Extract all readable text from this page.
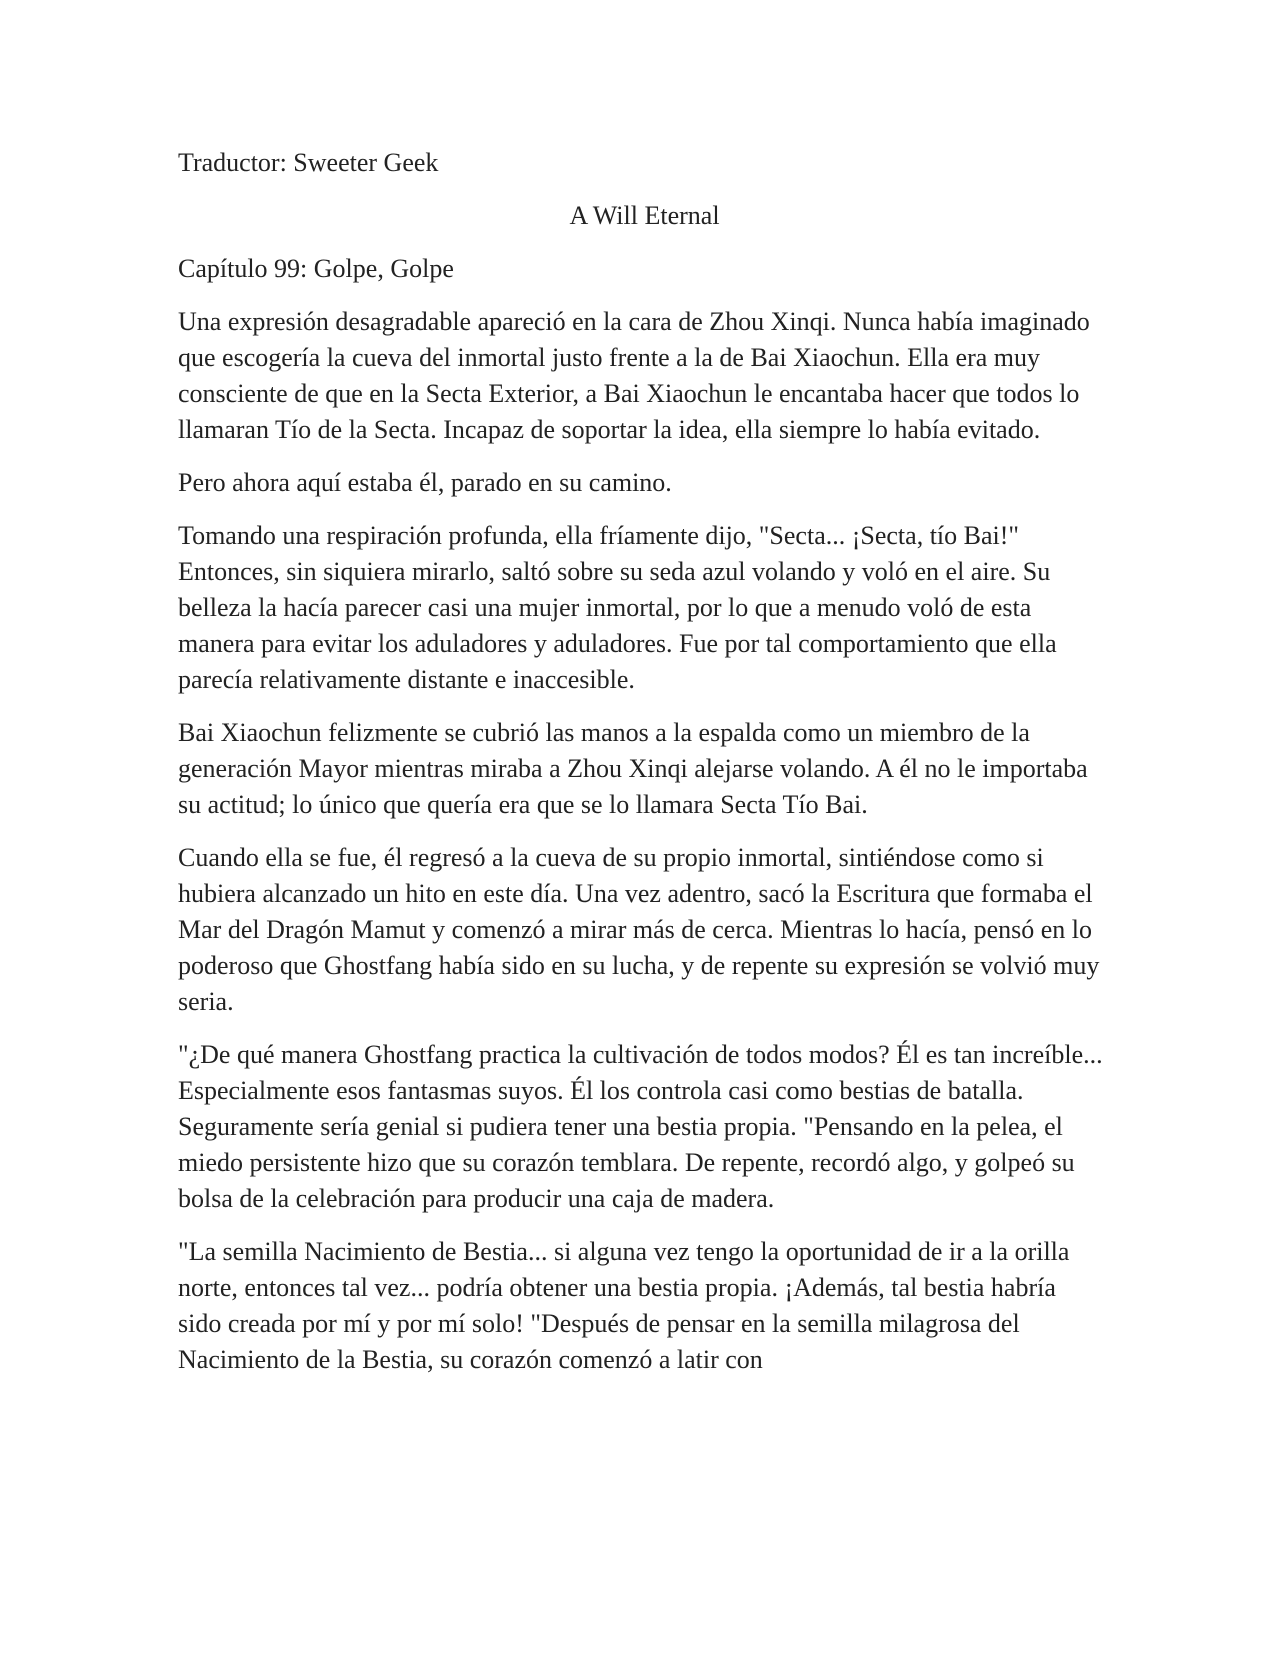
Traductor: Sweeter Geek

A Will Eternal

Capítulo 99: Golpe, Golpe

Una expresión desagradable apareció en la cara de Zhou Xinqi. Nunca había imaginado que escogería la cueva del inmortal justo frente a la de Bai Xiaochun. Ella era muy consciente de que en la Secta Exterior, a Bai Xiaochun le encantaba hacer que todos lo llamaran Tío de la Secta. Incapaz de soportar la idea, ella siempre lo había evitado.

Pero ahora aquí estaba él, parado en su camino.

Tomando una respiración profunda, ella fríamente dijo, "Secta... ¡Secta, tío Bai!" Entonces, sin siquiera mirarlo, saltó sobre su seda azul volando y voló en el aire. Su belleza la hacía parecer casi una mujer inmortal, por lo que a menudo voló de esta manera para evitar los aduladores y aduladores. Fue por tal comportamiento que ella parecía relativamente distante e inaccesible.

Bai Xiaochun felizmente se cubrió las manos a la espalda como un miembro de la generación Mayor mientras miraba a Zhou Xinqi alejarse volando. A él no le importaba su actitud; lo único que quería era que se lo llamara Secta Tío Bai.

Cuando ella se fue, él regresó a la cueva de su propio inmortal, sintiéndose como si hubiera alcanzado un hito en este día. Una vez adentro, sacó la Escritura que formaba el Mar del Dragón Mamut y comenzó a mirar más de cerca. Mientras lo hacía, pensó en lo poderoso que Ghostfang había sido en su lucha, y de repente su expresión se volvió muy seria.

"¿De qué manera Ghostfang practica la cultivación de todos modos? Él es tan increíble... Especialmente esos fantasmas suyos. Él los controla casi como bestias de batalla. Seguramente sería genial si pudiera tener una bestia propia. "Pensando en la pelea, el miedo persistente hizo que su corazón temblara. De repente, recordó algo, y golpeó su bolsa de la celebración para producir una caja de madera.

"La semilla Nacimiento de Bestia... si alguna vez tengo la oportunidad de ir a la orilla norte, entonces tal vez... podría obtener una bestia propia. ¡Además, tal bestia habría sido creada por mí y por mí solo! "Después de pensar en la semilla milagrosa del Nacimiento de la Bestia, su corazón comenzó a latir con
